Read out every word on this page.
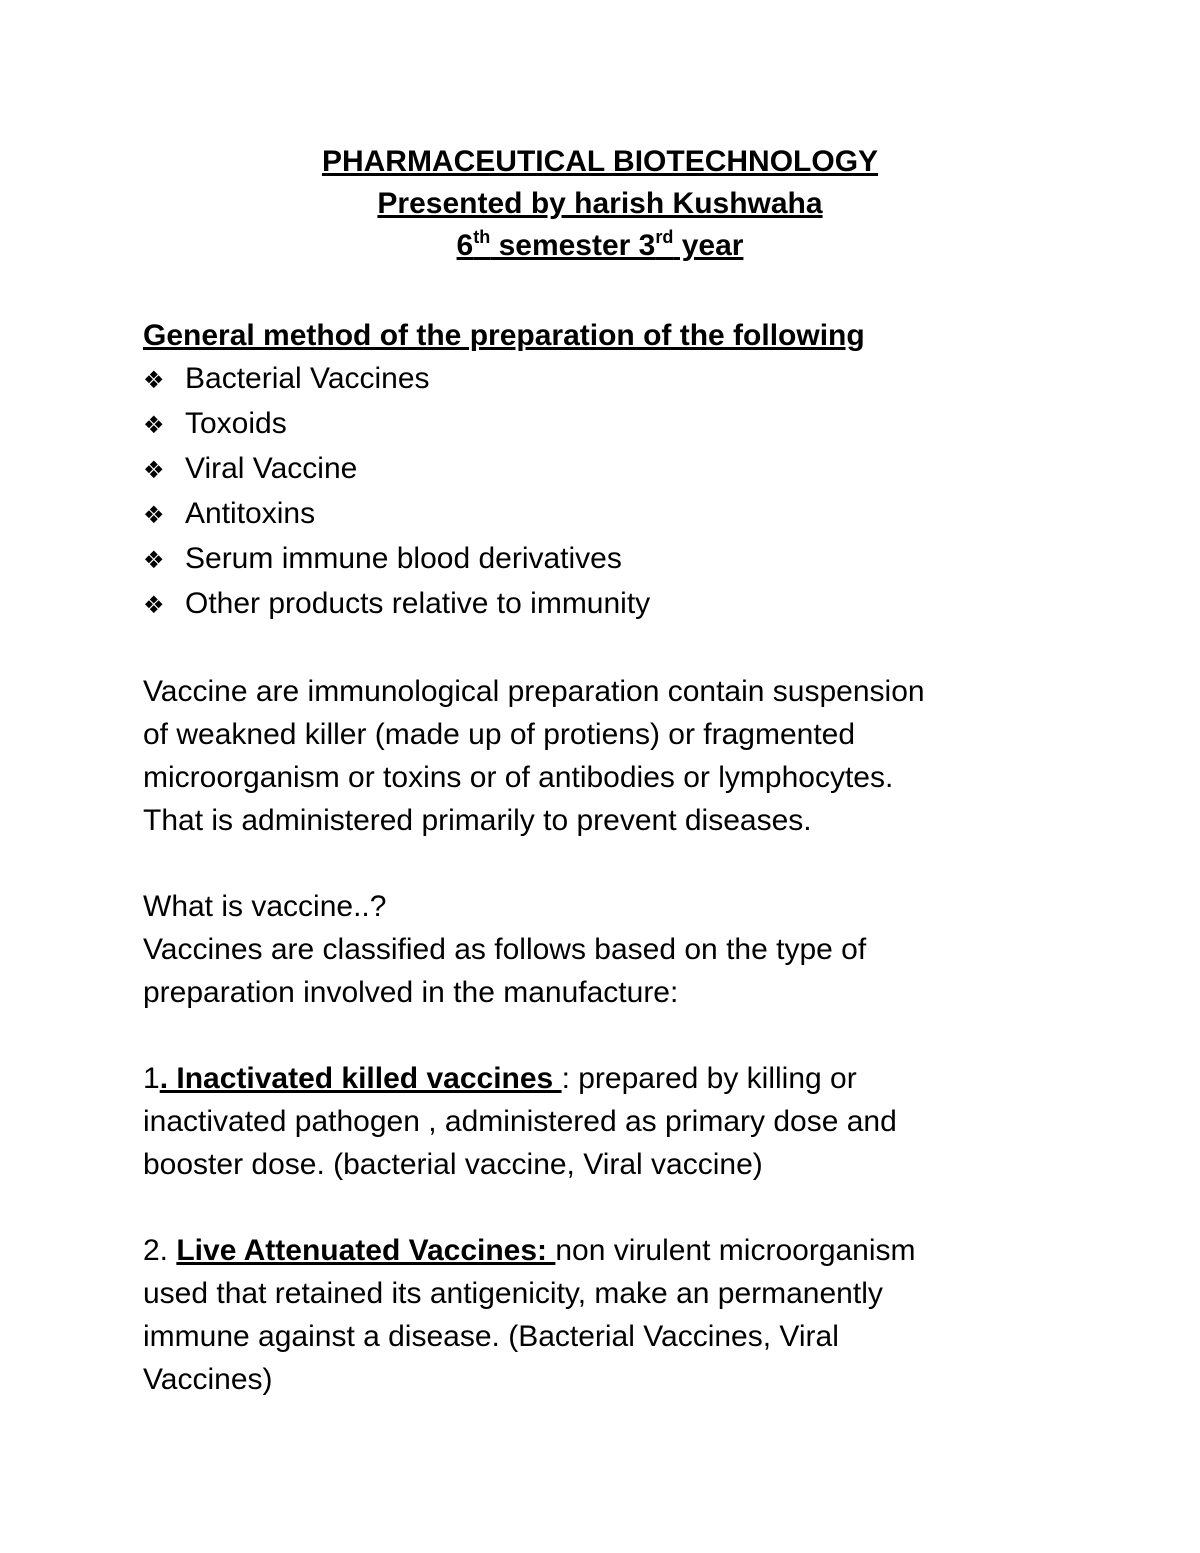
PHARMACEUTICAL BIOTECHNOLOGY
Presented by harish Kushwaha
6th semester 3rd year
General method of the preparation of the following
❖ Bacterial Vaccines
❖ Toxoids
❖ Viral Vaccine
❖ Antitoxins
❖ Serum immune blood derivatives
❖ Other products relative to immunity

Vaccine are immunological preparation contain suspension
of weakned killer (made up of protiens) or fragmented
microorganism or toxins or of antibodies or lymphocytes.
That is administered primarily to prevent diseases.

What is vaccine..?
Vaccines are classified as follows based on the type of
preparation involved in the manufacture:

1. Inactivated killed vaccines : prepared by killing or
inactivated pathogen , administered as primary dose and
booster dose. (bacterial vaccine, Viral vaccine)

2. Live Attenuated Vaccines: non virulent microorganism
used that retained its antigenicity, make an permanently
immune against a disease. (Bacterial Vaccines, Viral
Vaccines)
